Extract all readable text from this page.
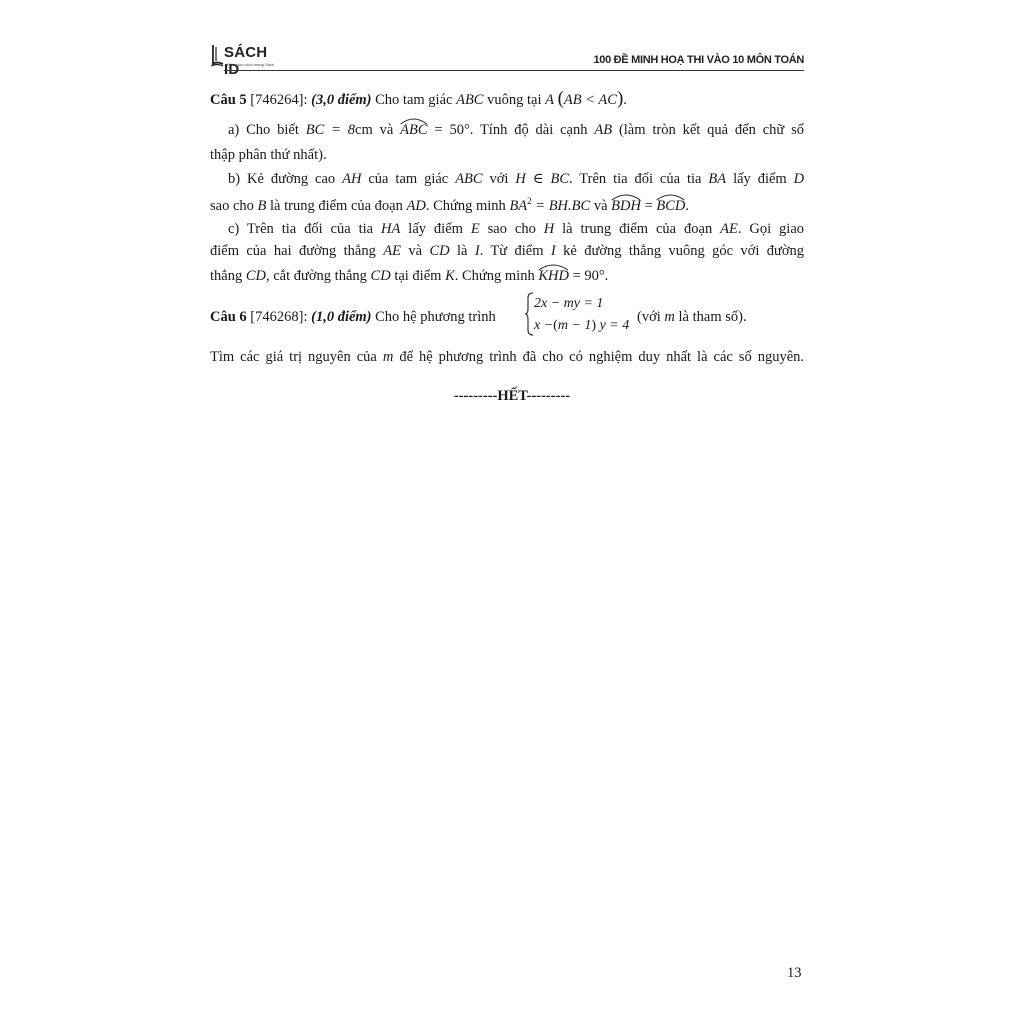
SÁCH ID
Một cuộc cách mạng Sách	100 ĐỀ MINH HOẠ THI VÀO 10 MÔN TOÁN
Câu 5 [746264]: (3,0 điểm) Cho tam giác ABC vuông tại A (AB < AC).
a) Cho biết BC = 8cm và ABC = 50°. Tính độ dài cạnh AB (làm tròn kết quả đến chữ số
thập phân thứ nhất).
b) Kẻ đường cao AH của tam giác ABC với H ∈ BC. Trên tia đối của tia BA lấy điểm D
sao cho B là trung điểm của đoạn AD. Chứng minh $BA^2 = BH.BC$ và BDH = BCD.
c) Trên tia đối của tia HA lấy điểm E sao cho H là trung điểm của đoạn AE. Gọi giao
điểm của hai đường thẳng AE và CD là I. Từ điểm I kẻ đường thẳng vuông góc với đường
thẳng CD, cắt đường thẳng CD tại điểm K. Chứng minh KHD = 90°.
Câu 6 [746268]: (1,0 điểm) Cho hệ phương trình
2x − my = 1
x −(m − 1) y = 4
(với m là tham số).
Tìm các giá trị nguyên của m để hệ phương trình đã cho có nghiệm duy nhất là các số nguyên.
---------HẾT---------
13
